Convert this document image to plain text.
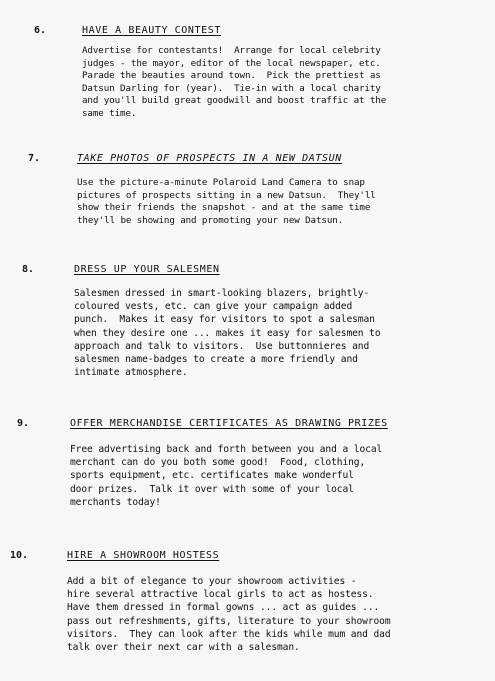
6.	HAVE A BEAUTY CONTEST
Advertise for contestants!  Arrange for local celebrity
judges - the mayor, editor of the local newspaper, etc.
Parade the beauties around town.  Pick the prettiest as
Datsun Darling for (year).  Tie-in with a local charity
and you'll build great goodwill and boost traffic at the
same time.
7.	TAKE PHOTOS OF PROSPECTS IN A NEW DATSUN
Use the picture-a-minute Polaroid Land Camera to snap
pictures of prospects sitting in a new Datsun.  They'll
show their friends the snapshot - and at the same time
they'll be showing and promoting your new Datsun.
8.	DRESS UP YOUR SALESMEN
Salesmen dressed in smart-looking blazers, brightly-
coloured vests, etc. can give your campaign added
punch.  Makes it easy for visitors to spot a salesman
when they desire one ... makes it easy for salesmen to
approach and talk to visitors.  Use buttonnieres and
salesmen name-badges to create a more friendly and
intimate atmosphere.
9.	OFFER MERCHANDISE CERTIFICATES AS DRAWING PRIZES
Free advertising back and forth between you and a local
merchant can do you both some good!  Food, clothing,
sports equipment, etc. certificates make wonderful
door prizes.  Talk it over with some of your local
merchants today!
10.	HIRE A SHOWROOM HOSTESS
Add a bit of elegance to your showroom activities -
hire several attractive local girls to act as hostess.
Have them dressed in formal gowns ... act as guides ...
pass out refreshments, gifts, literature to your showroom
visitors.  They can look after the kids while mum and dad
talk over their next car with a salesman.
